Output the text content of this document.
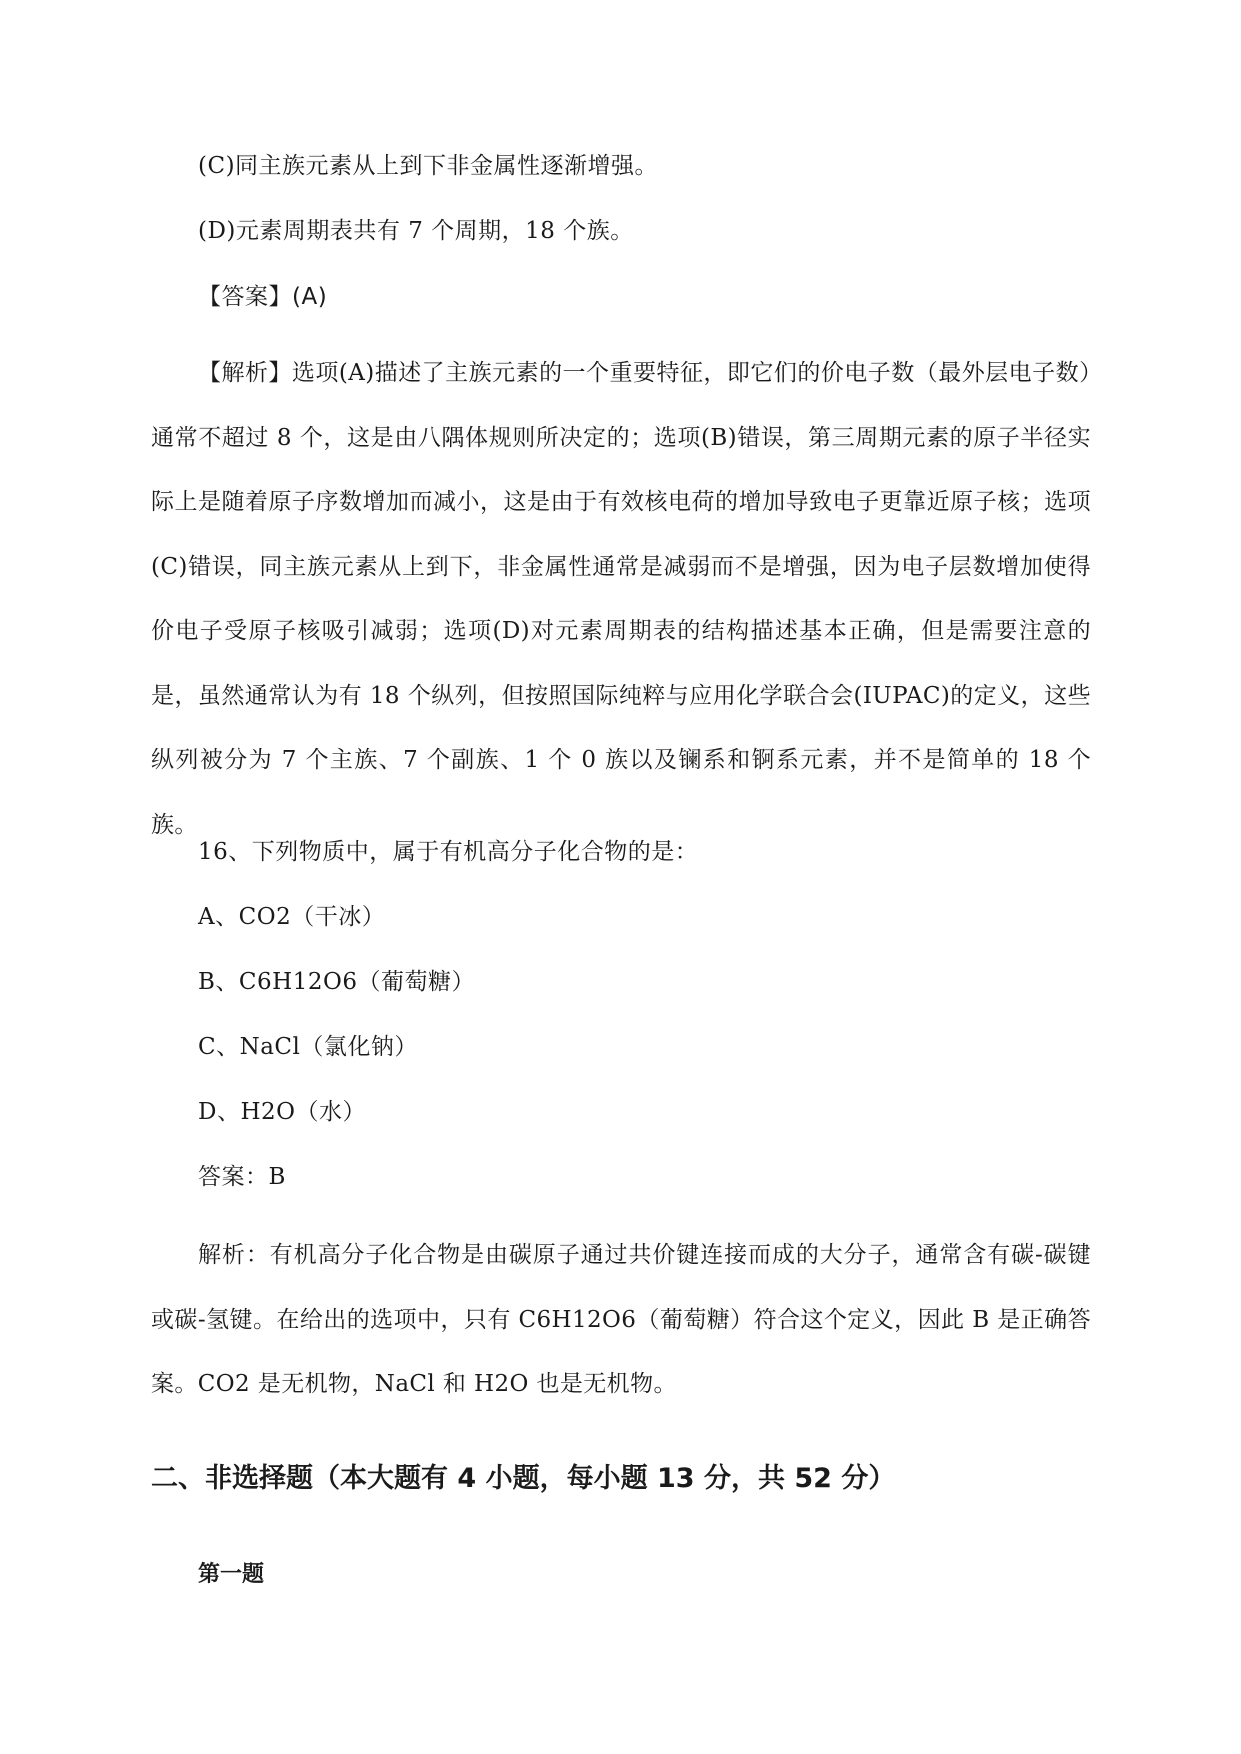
(C)同主族元素从上到下非金属性逐渐增强。
(D)元素周期表共有 7 个周期，18 个族。
【答案】(A)
【解析】选项(A)描述了主族元素的一个重要特征，即它们的价电子数（最外层电子数）通常不超过 8 个，这是由八隅体规则所决定的；选项(B)错误，第三周期元素的原子半径实际上是随着原子序数增加而减小，这是由于有效核电荷的增加导致电子更靠近原子核；选项(C)错误，同主族元素从上到下，非金属性通常是减弱而不是增强，因为电子层数增加使得价电子受原子核吸引减弱；选项(D)对元素周期表的结构描述基本正确，但是需要注意的是，虽然通常认为有 18 个纵列，但按照国际纯粹与应用化学联合会(IUPAC)的定义，这些纵列被分为 7 个主族、7 个副族、1 个 0 族以及镧系和锕系元素，并不是简单的 18 个族。
16、下列物质中，属于有机高分子化合物的是：
A、CO2（干冰）
B、C6H12O6（葡萄糖）
C、NaCl（氯化钠）
D、H2O（水）
答案：B
解析：有机高分子化合物是由碳原子通过共价键连接而成的大分子，通常含有碳-碳键或碳-氢键。在给出的选项中，只有 C6H12O6（葡萄糖）符合这个定义，因此 B 是正确答案。CO2 是无机物，NaCl 和 H2O 也是无机物。
二、非选择题（本大题有 4 小题，每小题 13 分，共 52 分）
第一题
